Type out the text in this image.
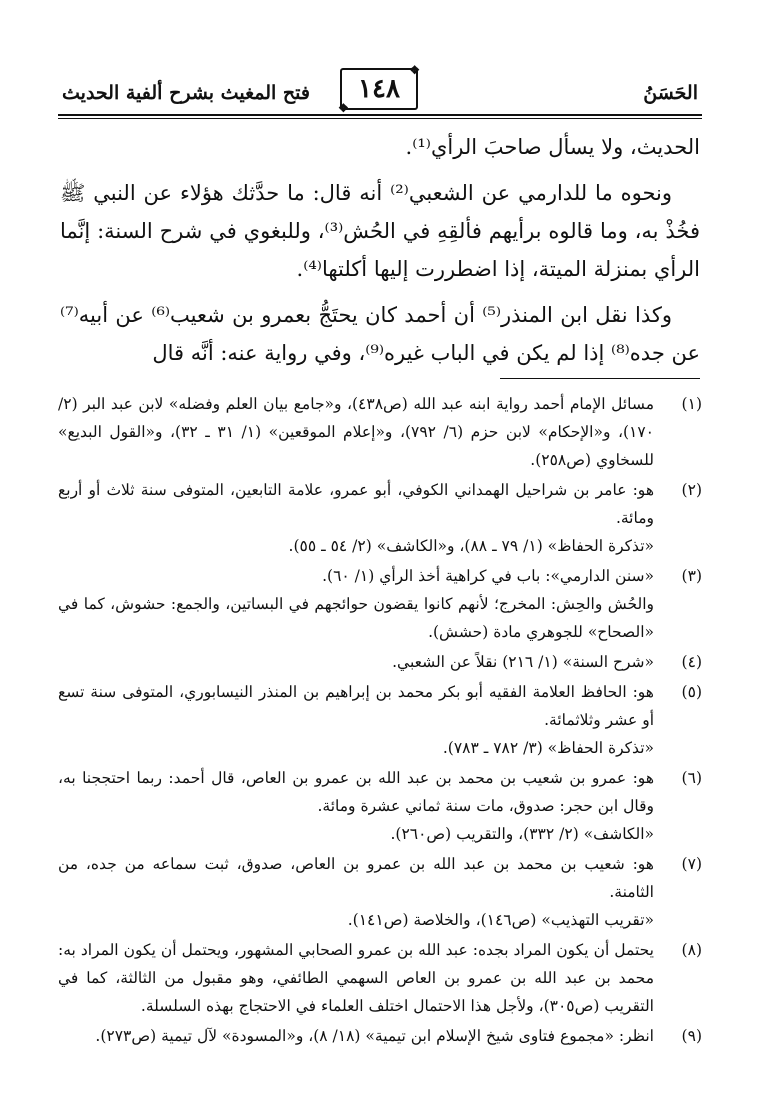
الحَسَنُ
❖
١٤٨
❖
فتح المغيث بشرح ألفية الحديث

الحديث، ولا يسأل صاحبَ الرأي⁽¹⁾.

ونحوه ما للدارمي عن الشعبي⁽²⁾ أنه قال: ما حدَّثك هؤلاء عن النبي ﷺ فخُذْ به، وما قالوه برأيهم فألقِهِ في الحُش⁽³⁾، وللبغوي في شرح السنة: إنَّما الرأي بمنزلة الميتة، إذا اضطررت إليها أكلتها⁽⁴⁾.

وكذا نقل ابن المنذر⁽⁵⁾ أن أحمد كان يحتَجُّ بعمرو بن شعيب⁽⁶⁾ عن أبيه⁽⁷⁾ عن جده⁽⁸⁾ إذا لم يكن في الباب غيره⁽⁹⁾، وفي رواية عنه: أنَّه قال

(١)
مسائل الإمام أحمد رواية ابنه عبد الله (ص٤٣٨)، و«جامع بيان العلم وفضله» لابن عبد البر (٢/ ١٧٠)، و«الإحكام» لابن حزم (٦/ ٧٩٢)، و«إعلام الموقعين» (١/ ٣١ ـ ٣٢)، و«القول البديع» للسخاوي (ص٢٥٨).
(٢)
هو: عامر بن شراحيل الهمداني الكوفي، أبو عمرو، علامة التابعين، المتوفى سنة ثلاث أو أربع ومائة.
«تذكرة الحفاظ» (١/ ٧٩ ـ ٨٨)، و«الكاشف» (٢/ ٥٤ ـ ٥٥).
(٣)
«سنن الدارمي»: باب في كراهية أخذ الرأي (١/ ٦٠).
والحُش والحِش: المخرج؛ لأنهم كانوا يقضون حوائجهم في البساتين، والجمع: حشوش، كما في «الصحاح» للجوهري مادة (حشش).
(٤)
«شرح السنة» (١/ ٢١٦) نقلاً عن الشعبي.
(٥)
هو: الحافظ العلامة الفقيه أبو بكر محمد بن إبراهيم بن المنذر النيسابوري، المتوفى سنة تسع أو عشر وثلاثمائة.
«تذكرة الحفاظ» (٣/ ٧٨٢ ـ ٧٨٣).
(٦)
هو: عمرو بن شعيب بن محمد بن عبد الله بن عمرو بن العاص، قال أحمد: ربما احتججنا به، وقال ابن حجر: صدوق، مات سنة ثماني عشرة ومائة.
«الكاشف» (٢/ ٣٣٢)، والتقريب (ص٢٦٠).
(٧)
هو: شعيب بن محمد بن عبد الله بن عمرو بن العاص، صدوق، ثبت سماعه من جده، من الثامنة.
«تقريب التهذيب» (ص١٤٦)، والخلاصة (ص١٤١).
(٨)
يحتمل أن يكون المراد بجده: عبد الله بن عمرو الصحابي المشهور، ويحتمل أن يكون المراد به: محمد بن عبد الله بن عمرو بن العاص السهمي الطائفي، وهو مقبول من الثالثة، كما في التقريب (ص٣٠٥)، ولأجل هذا الاحتمال اختلف العلماء في الاحتجاج بهذه السلسلة.
(٩)
انظر: «مجموع فتاوى شيخ الإسلام ابن تيمية» (١٨/ ٨)، و«المسودة» لآل تيمية (ص٢٧٣).
